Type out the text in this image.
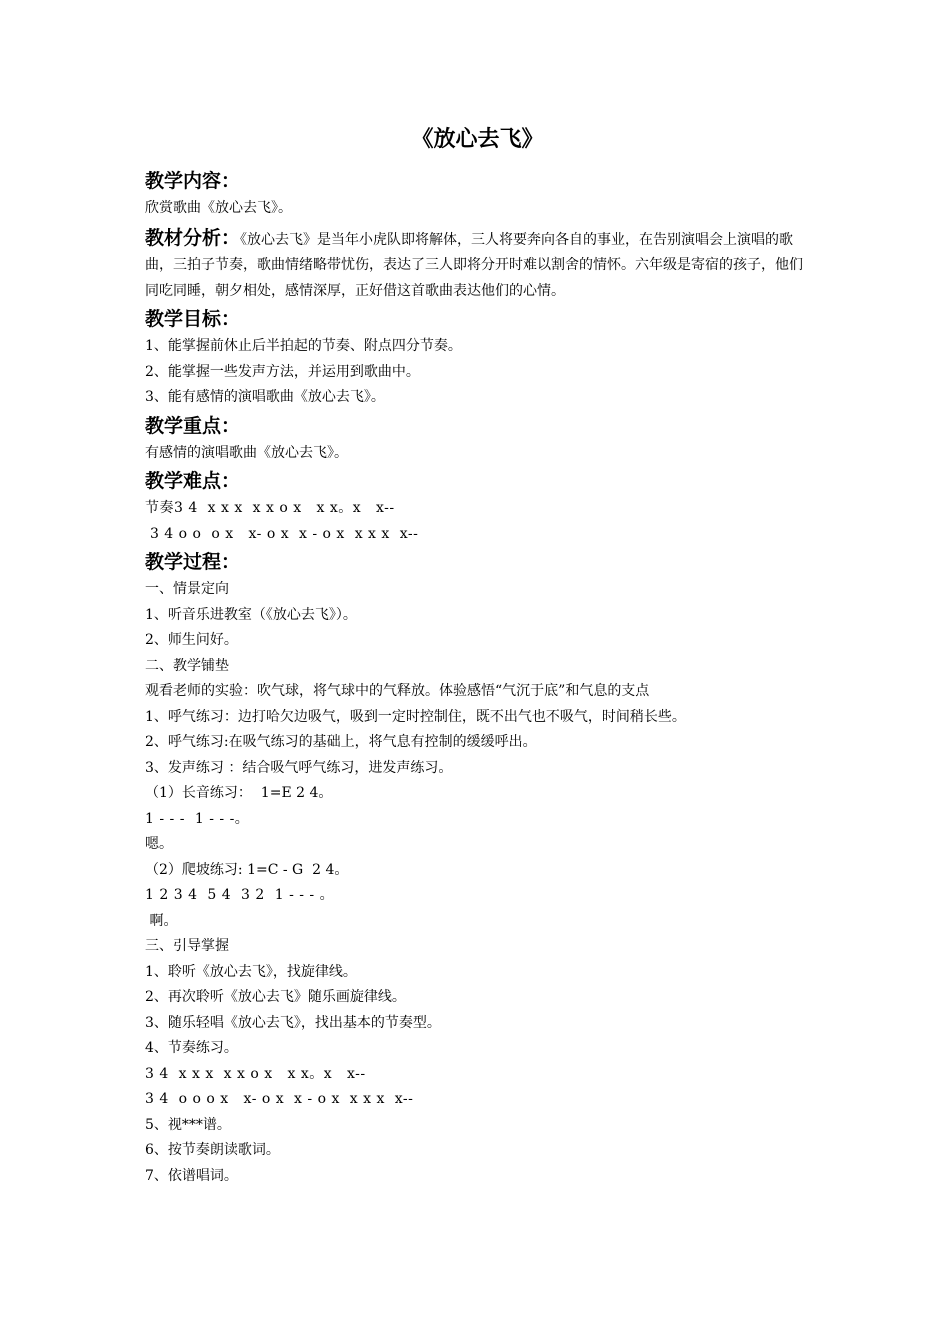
《放心去飞》
教学内容：
欣赏歌曲《放心去飞》。
教材分析：《放心去飞》是当年小虎队即将解体，三人将要奔向各自的事业，在告别演唱会上演唱的歌曲，三拍子节奏，歌曲情绪略带忧伤，表达了三人即将分开时难以割舍的情怀。六年级是寄宿的孩子，他们同吃同睡，朝夕相处，感情深厚，正好借这首歌曲表达他们的心情。
教学目标：
1、能掌握前休止后半拍起的节奏、附点四分节奏。
2、能掌握一些发声方法，并运用到歌曲中。
3、能有感情的演唱歌曲《放心去飞》。
教学重点：
有感情的演唱歌曲《放心去飞》。
教学难点：
节奏3 4  x x x  x x o x   x x。x   x--
3 4 o o  o x   x- o x  x - o x  x x x  x--
教学过程：
一、情景定向
1、听音乐进教室（《放心去飞》）。
2、师生问好。
二、教学铺垫
观看老师的实验：吹气球，将气球中的气释放。体验感悟“气沉于底”和气息的支点
1、呼气练习：边打哈欠边吸气，吸到一定时控制住，既不出气也不吸气，时间稍长些。
2、呼气练习:在吸气练习的基础上，将气息有控制的缓缓呼出。
3、发声练习 ：结合吸气呼气练习，进发声练习。
（1）长音练习：  1=E 2 4。
1 - - -  1 - - -。
嗯。
（2）爬坡练习: 1=C - G  2 4。
1 2 3 4  5 4  3 2  1 - - - 。
啊。
三、引导掌握
1、聆听《放心去飞》，找旋律线。
2、再次聆听《放心去飞》随乐画旋律线。
3、随乐轻唱《放心去飞》，找出基本的节奏型。
4、节奏练习。
3 4  x x x  x x o x   x x。x   x--
3 4  o o o x   x- o x  x - o x  x x x  x--
5、视***谱。
6、按节奏朗读歌词。
7、依谱唱词。
